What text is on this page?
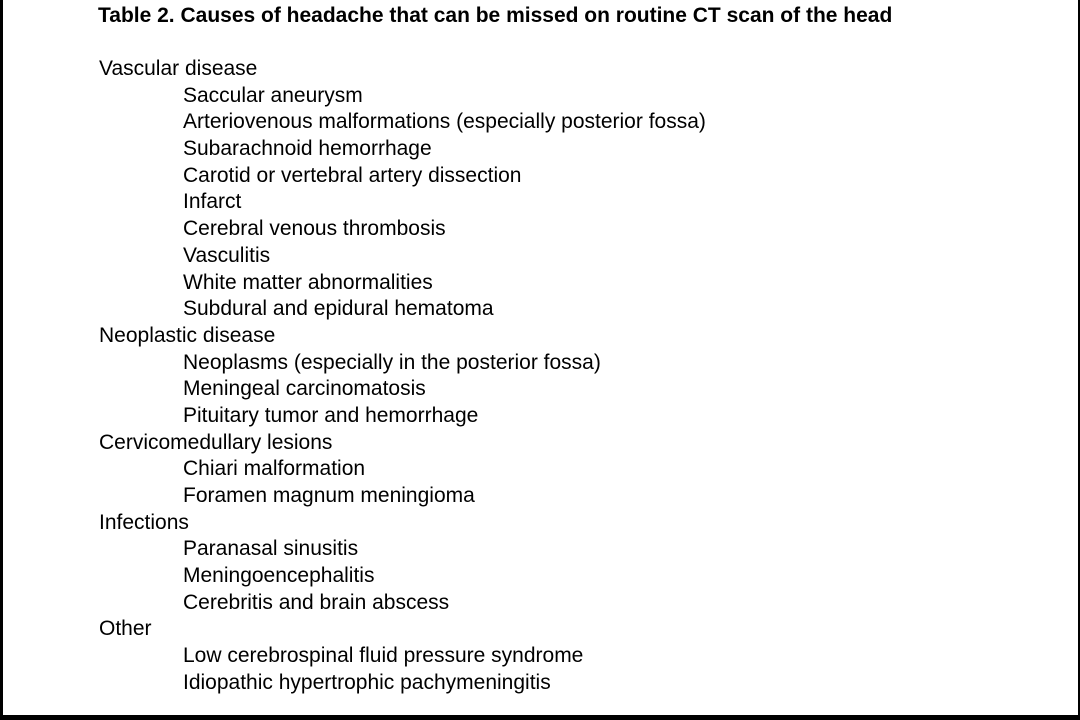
Table 2. Causes of headache that can be missed on routine CT scan of the head
Vascular disease
Saccular aneurysm
Arteriovenous malformations (especially posterior fossa)
Subarachnoid hemorrhage
Carotid or vertebral artery dissection
Infarct
Cerebral venous thrombosis
Vasculitis
White matter abnormalities
Subdural and epidural hematoma
Neoplastic disease
Neoplasms (especially in the posterior fossa)
Meningeal carcinomatosis
Pituitary tumor and hemorrhage
Cervicomedullary lesions
Chiari malformation
Foramen magnum meningioma
Infections
Paranasal sinusitis
Meningoencephalitis
Cerebritis and brain abscess
Other
Low cerebrospinal fluid pressure syndrome
Idiopathic hypertrophic pachymeningitis
